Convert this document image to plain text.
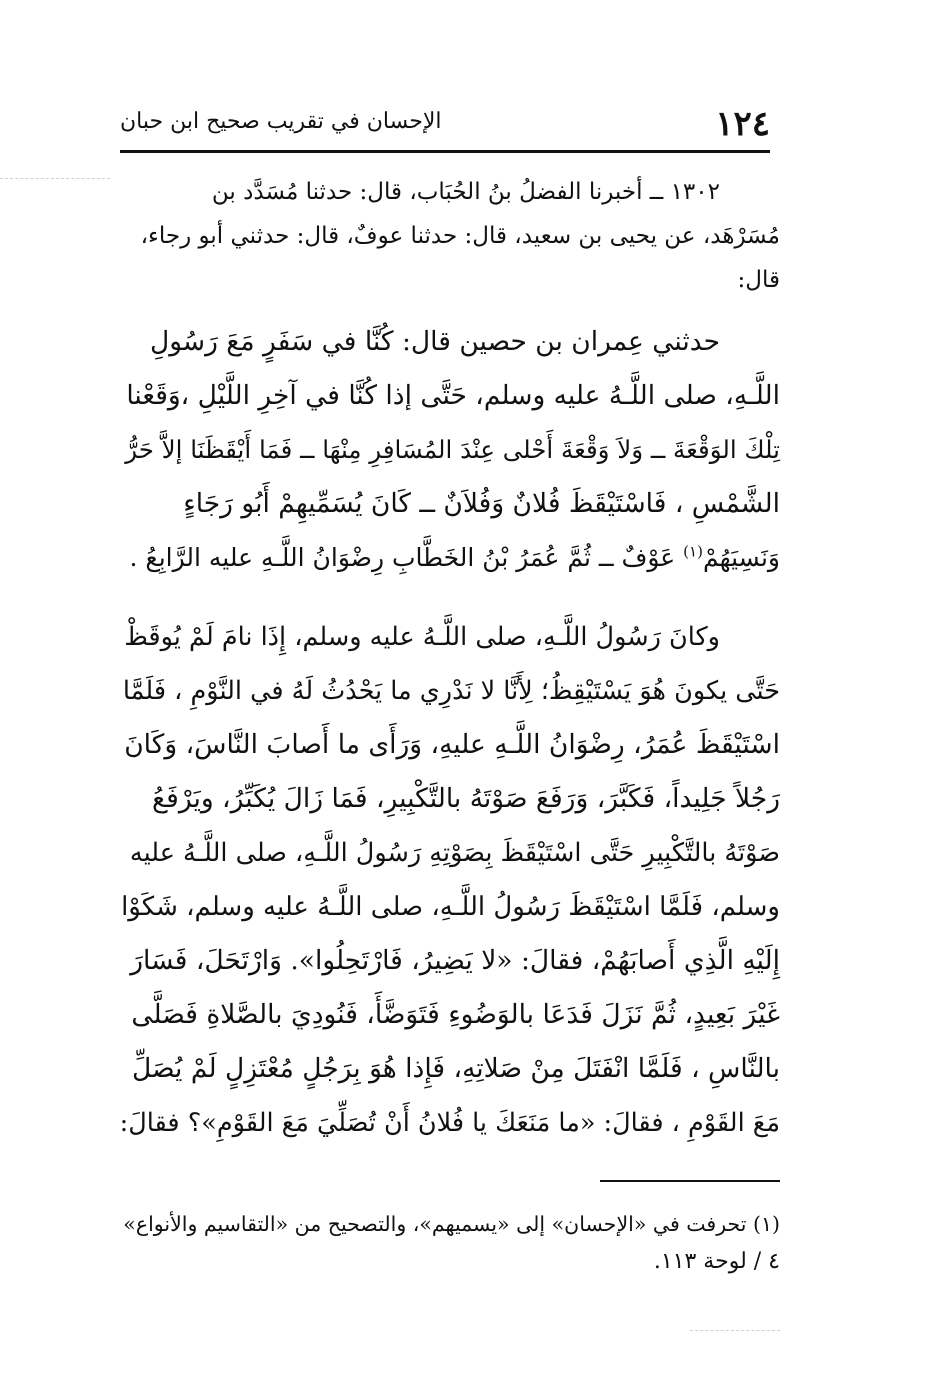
١٢٤
الإحسان في تقريب صحيح ابن حبان
١٣٠٢ ــ أخبرنا الفضلُ بنُ الحُبَاب، قال: حدثنا مُسَدَّد بن
مُسَرْهَد، عن يحيى بن سعيد، قال: حدثنا عوفٌ، قال: حدثني أبو رجاء،
قال:
حدثني عِمران بن حصين قال: كُنَّا في سَفَرٍ مَعَ رَسُولِ
اللَّـهِ، صلى اللَّـهُ عليه وسلم، حَتَّى إذا كُنَّا في آخِرِ اللَّيْلِ ،وَقَعْنا
تِلْكَ الوَقْعَةَ ــ وَلاَ وَقْعَةَ أَحْلى عِنْدَ المُسَافِرِ مِنْهَا ــ فَمَا أَيْقَظَنَا إلاَّ حَرُّ
الشَّمْسِ ، فَاسْتَيْقَظَ فُلانٌ وَفُلاَنٌ ــ كَانَ يُسَمِّيهِمْ أَبُو رَجَاءٍ
وَنَسِيَهُمْ$^{(١)}$ عَوْفٌ ــ ثُمَّ عُمَرُ بْنُ الخَطَّابِ رِضْوَانُ اللَّـهِ عليه الرَّابِعُ .
وكانَ رَسُولُ اللَّـهِ، صلى اللَّـهُ عليه وسلم، إِذَا نامَ لَمْ يُوقَظْ
حَتَّى يكونَ هُوَ يَسْتَيْقِظُ؛ لِأَنَّا لا نَدْرِي ما يَحْدُثُ لَهُ في النَّوْمِ ، فَلَمَّا
اسْتَيْقَظَ عُمَرُ، رِضْوَانُ اللَّـهِ عليهِ، وَرَأَى ما أَصابَ النَّاسَ، وَكَانَ
رَجُلاً جَلِيداً، فَكَبَّرَ، وَرَفَعَ صَوْتَهُ بالتَّكْبِيرِ، فَمَا زَالَ يُكَبِّرُ، ويَرْفَعُ
صَوْتَهُ بالتَّكْبِيرِ حَتَّى اسْتَيْقَظَ بِصَوْتِهِ رَسُولُ اللَّـهِ، صلى اللَّـهُ عليه
وسلم، فَلَمَّا اسْتَيْقَظَ رَسُولُ اللَّـهِ، صلى اللَّـهُ عليه وسلم، شَكَوْا
إِلَيْهِ الَّذِي أَصابَهُمْ، فقالَ: «لا يَضِيرُ، فَارْتَحِلُوا». وَارْتَحَلَ، فَسَارَ
غَيْرَ بَعِيدٍ، ثُمَّ نَزَلَ فَدَعَا بالوَضُوءِ فَتَوَضَّأَ، فَنُودِيَ بالصَّلاةِ فَصَلَّى
بالنَّاسِ ، فَلَمَّا انْفَتَلَ مِنْ صَلاتِهِ، فَإِذا هُوَ بِرَجُلٍ مُعْتَزِلٍ لَمْ يُصَلِّ
مَعَ القَوْمِ ، فقالَ: «ما مَنَعَكَ يا فُلانُ أَنْ تُصَلِّيَ مَعَ القَوْمِ»؟ فقالَ:
(١) تحرفت في «الإحسان» إلى «يسميهم»، والتصحيح من «التقاسيم والأنواع»
٤ / لوحة ١١٣.
